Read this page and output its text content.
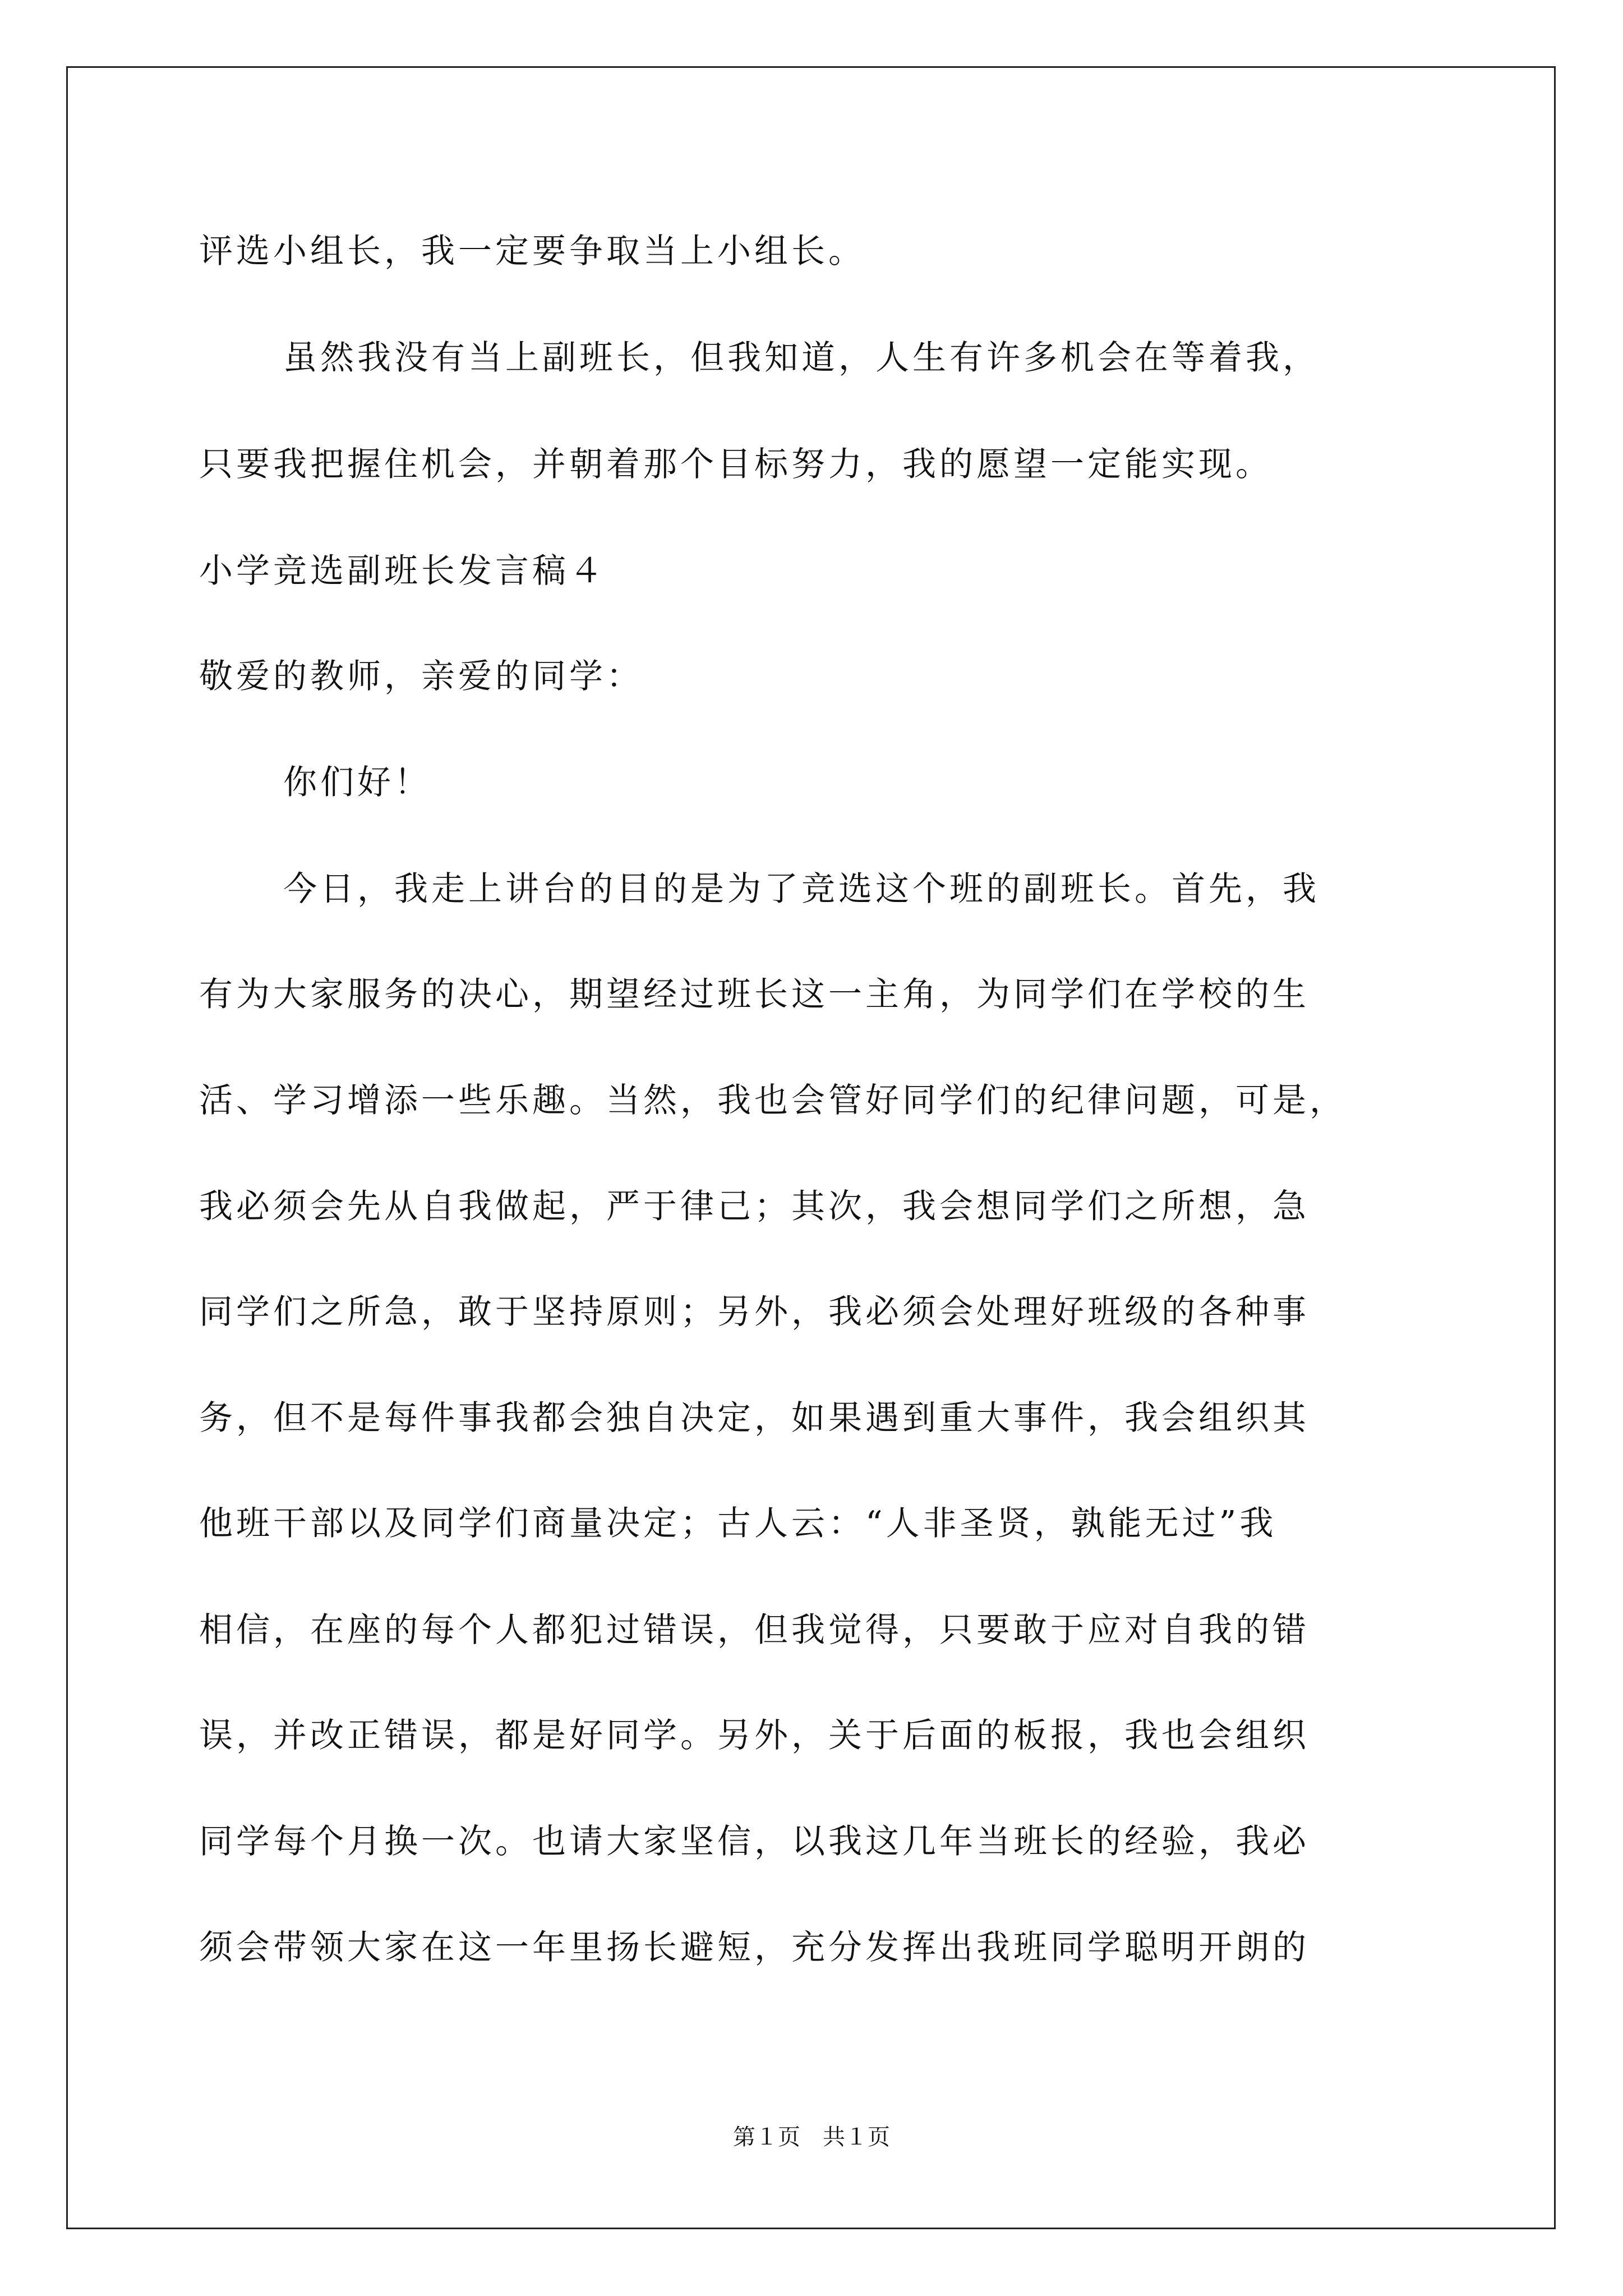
评选小组长，我一定要争取当上小组长。
虽然我没有当上副班长，但我知道，人生有许多机会在等着我，
只要我把握住机会，并朝着那个目标努力，我的愿望一定能实现。
小学竞选副班长发言稿４
敬爱的教师，亲爱的同学：
你们好！
今日，我走上讲台的目的是为了竞选这个班的副班长。首先，我
有为大家服务的决心，期望经过班长这一主角，为同学们在学校的生
活、学习增添一些乐趣。当然，我也会管好同学们的纪律问题，可是，
我必须会先从自我做起，严于律己；其次，我会想同学们之所想，急
同学们之所急，敢于坚持原则；另外，我必须会处理好班级的各种事
务，但不是每件事我都会独自决定，如果遇到重大事件，我会组织其
他班干部以及同学们商量决定；古人云：“人非圣贤，孰能无过”我
相信，在座的每个人都犯过错误，但我觉得，只要敢于应对自我的错
误，并改正错误，都是好同学。另外，关于后面的板报，我也会组织
同学每个月换一次。也请大家坚信，以我这几年当班长的经验，我必
须会带领大家在这一年里扬长避短，充分发挥出我班同学聪明开朗的
第１页　共１页
